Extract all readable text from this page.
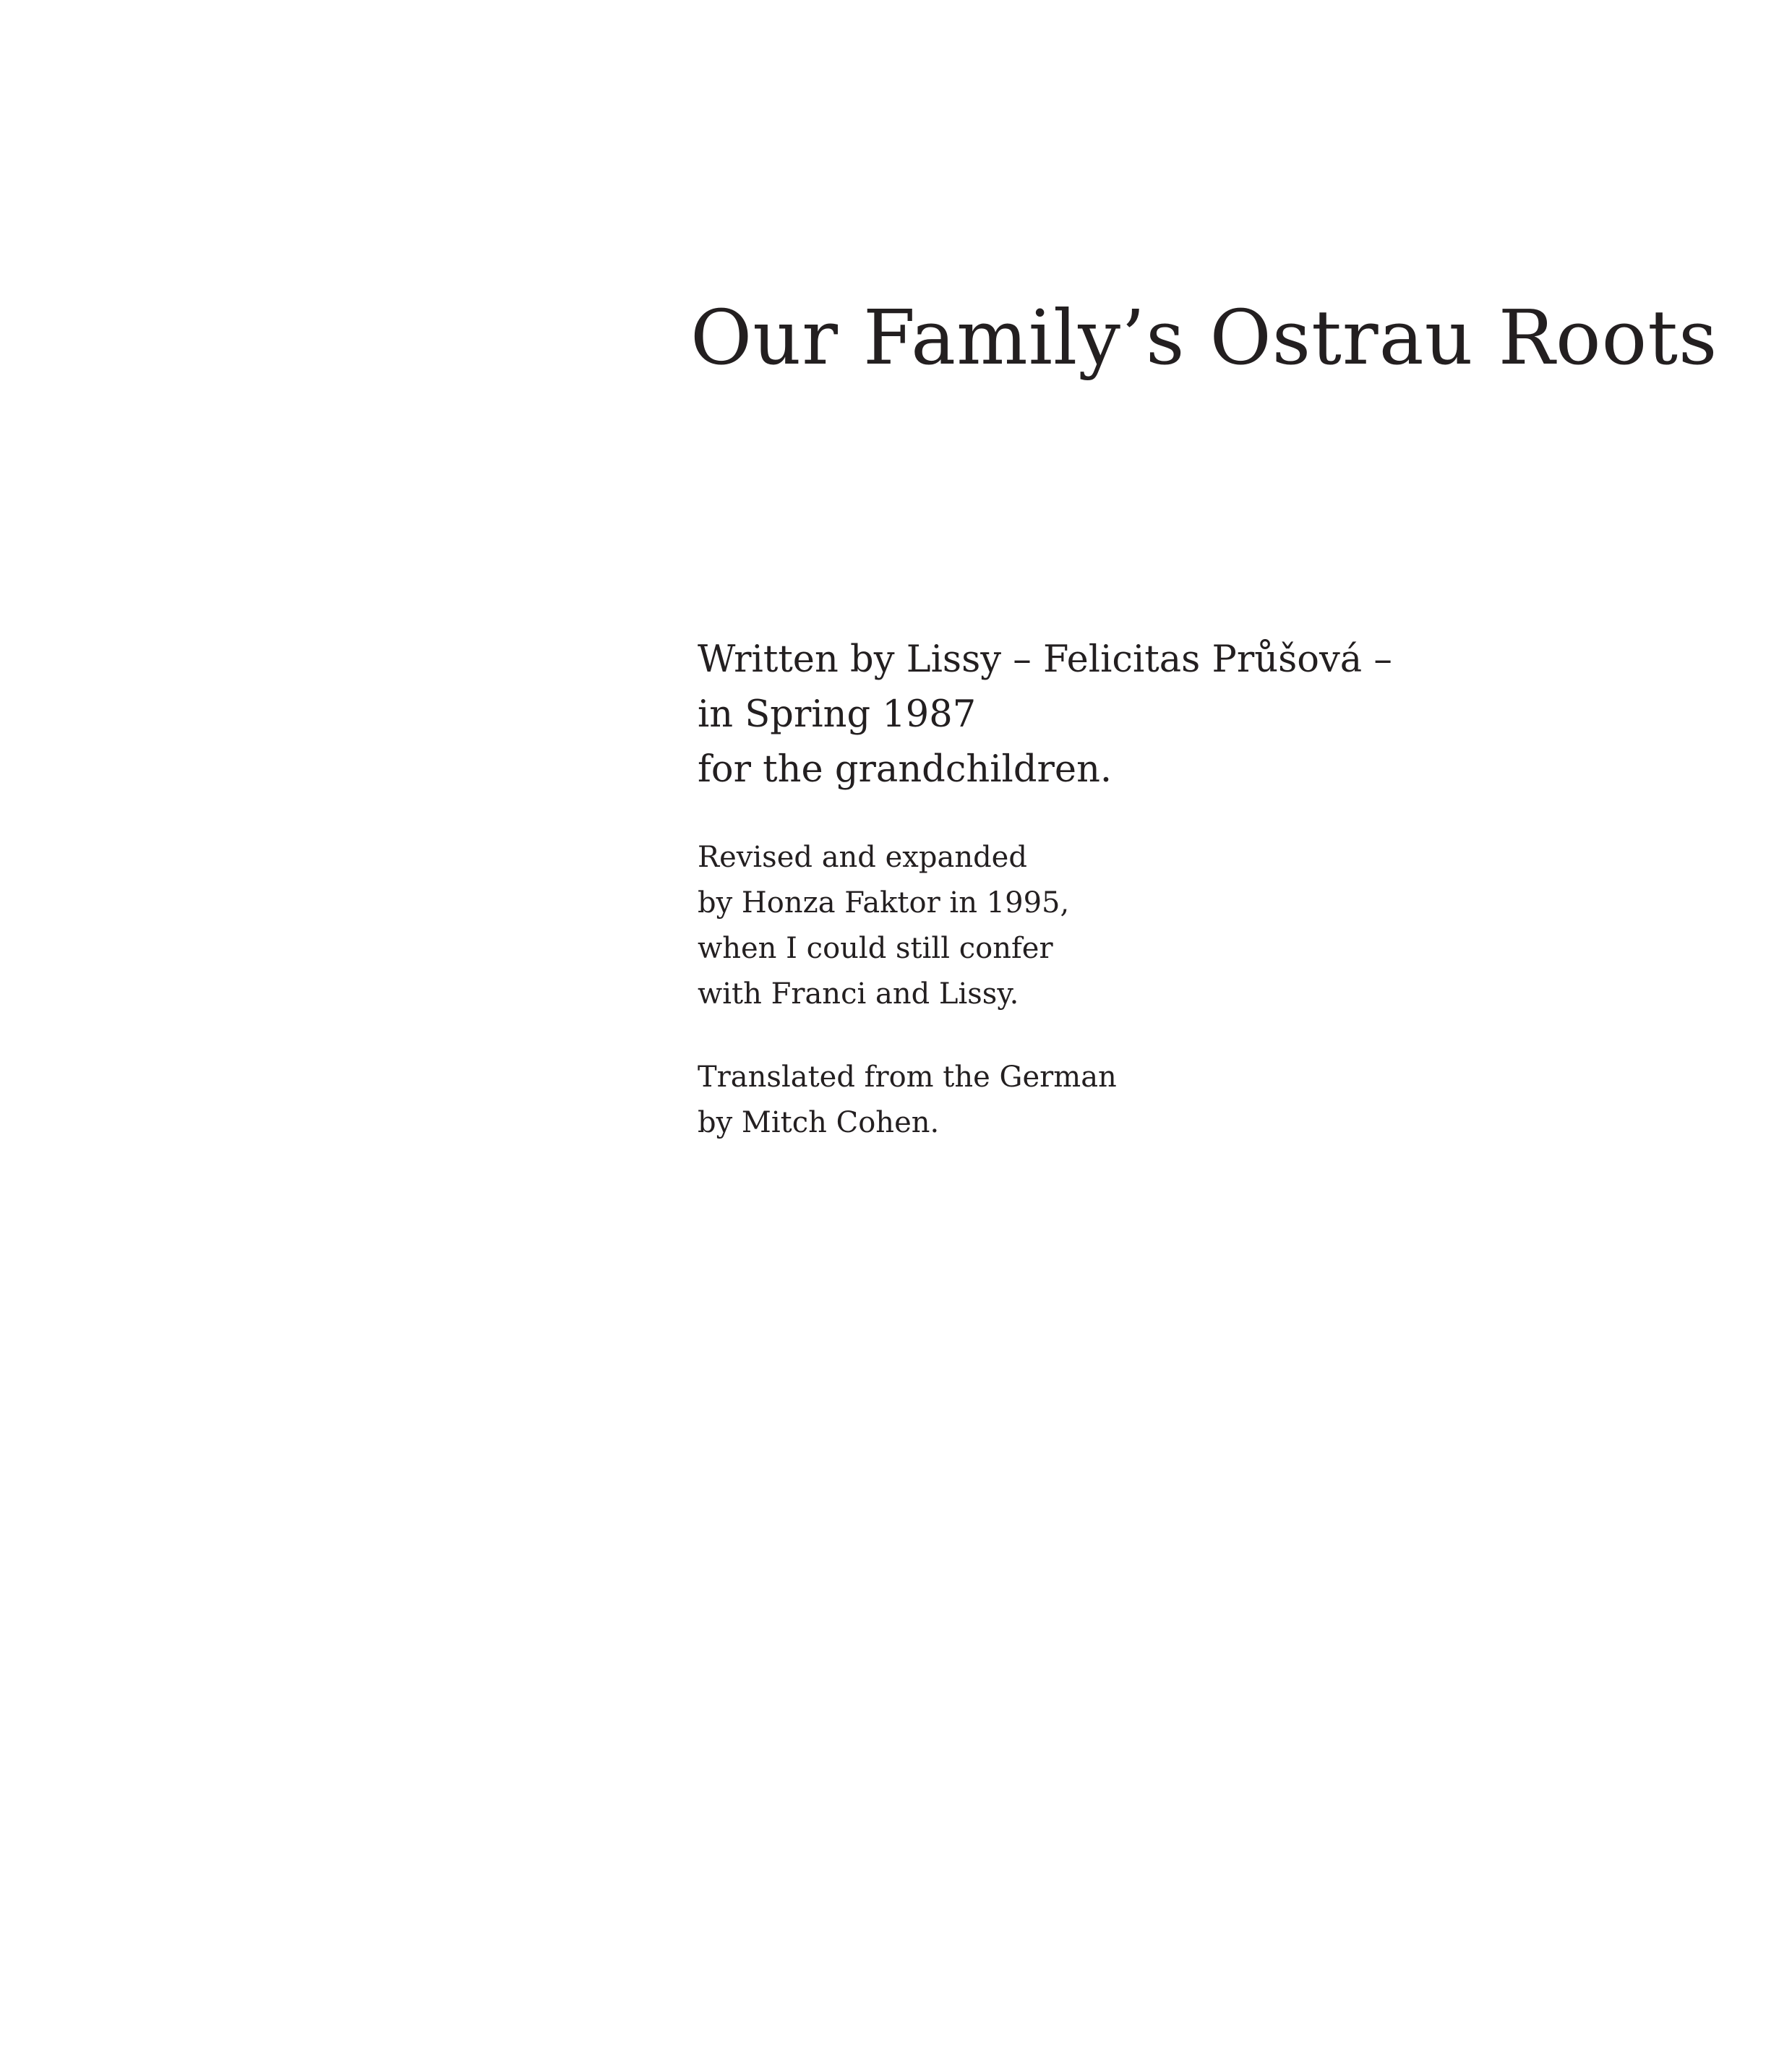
Our Family’s Ostrau Roots

Written by Lissy – Felicitas Průšová –
in Spring 1987
for the grandchildren.

Revised and expanded
by Honza Faktor in 1995,
when I could still confer
with Franci and Lissy.

Translated from the German
by Mitch Cohen.
